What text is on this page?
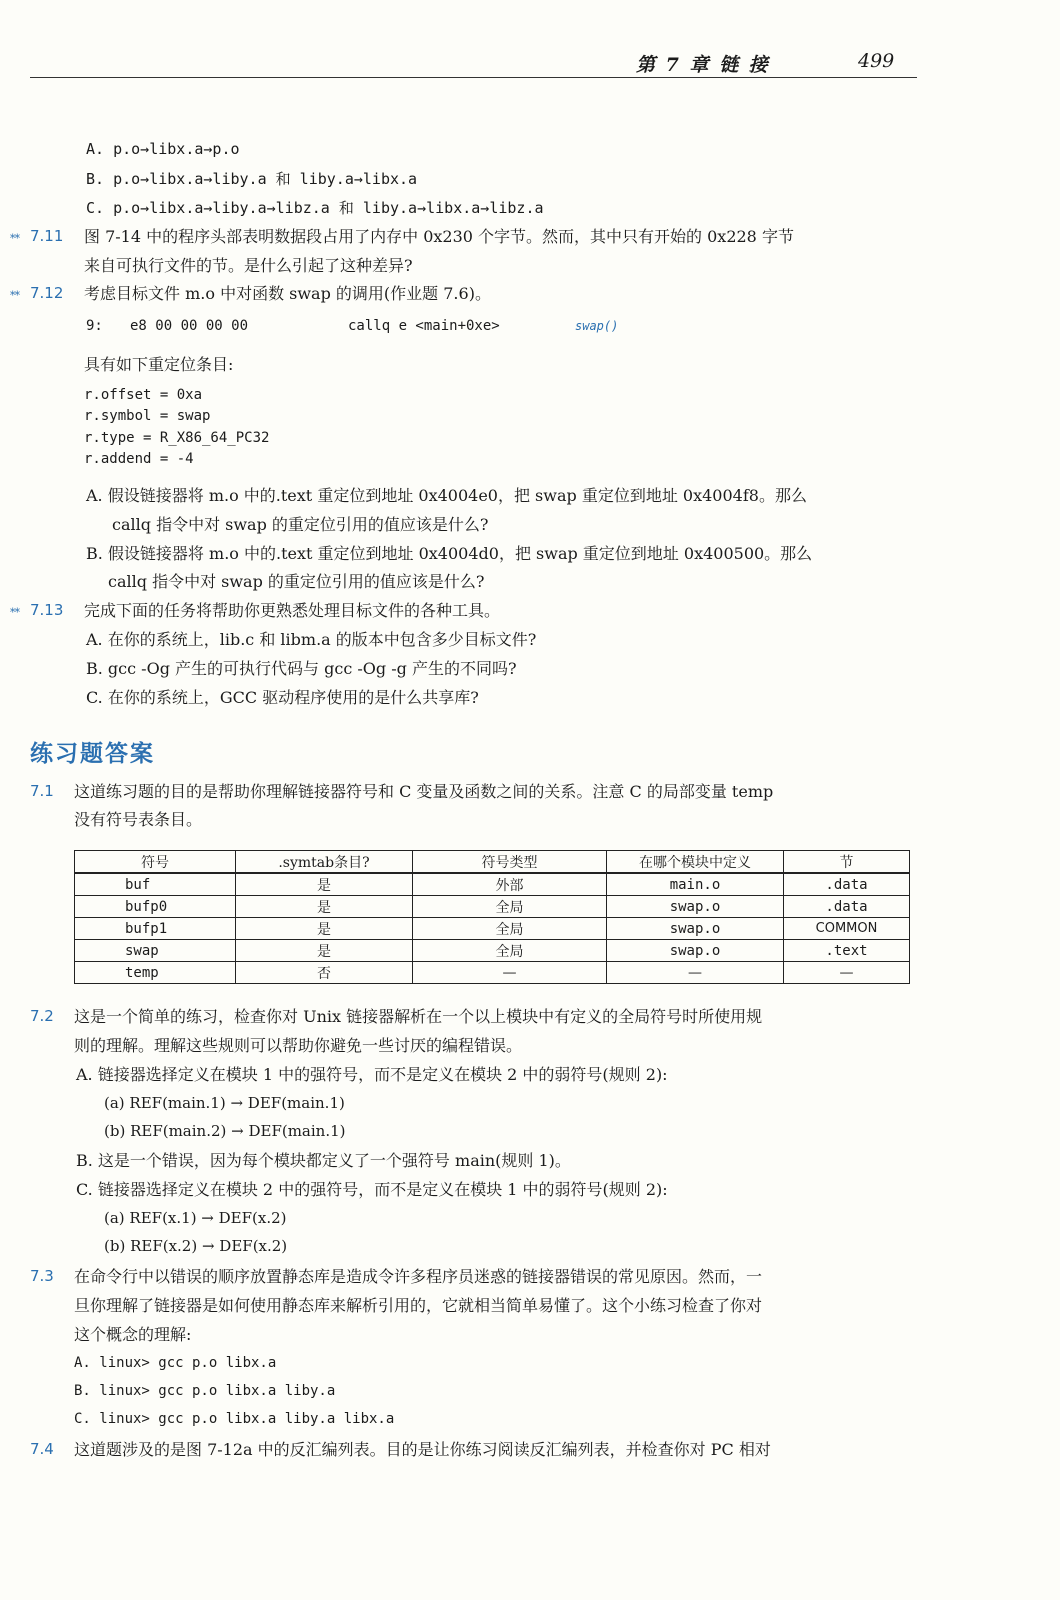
第 7 章 链 接	499
A. p.o→libx.a→p.o
B. p.o→libx.a→liby.a 和 liby.a→libx.a
C. p.o→libx.a→liby.a→libz.a 和 liby.a→libx.a→libz.a
** 7.11 图 7-14 中的程序头部表明数据段占用了内存中 0x230 个字节。然而，其中只有开始的 0x228 字节
来自可执行文件的节。是什么引起了这种差异?
** 7.12 考虑目标文件 m.o 中对函数 swap 的调用(作业题 7.6)。
9: e8 00 00 00 00	callq e <main+0xe>	swap()
具有如下重定位条目:
r.offset = 0xa
r.symbol = swap
r.type = R_X86_64_PC32
r.addend = -4
A. 假设链接器将 m.o 中的.text 重定位到地址 0x4004e0，把 swap 重定位到地址 0x4004f8。那么
callq 指令中对 swap 的重定位引用的值应该是什么?
B. 假设链接器将 m.o 中的.text 重定位到地址 0x4004d0，把 swap 重定位到地址 0x400500。那么
callq 指令中对 swap 的重定位引用的值应该是什么?
** 7.13 完成下面的任务将帮助你更熟悉处理目标文件的各种工具。
A. 在你的系统上，lib.c 和 libm.a 的版本中包含多少目标文件?
B. gcc -Og 产生的可执行代码与 gcc -Og -g 产生的不同吗?
C. 在你的系统上，GCC 驱动程序使用的是什么共享库?
练习题答案
7.1 这道练习题的目的是帮助你理解链接器符号和 C 变量及函数之间的关系。注意 C 的局部变量 temp
没有符号表条目。
符号	.symtab条目?	符号类型	在哪个模块中定义	节
buf	是	外部	main.o	.data
bufp0	是	全局	swap.o	.data
bufp1	是	全局	swap.o	COMMON
swap	是	全局	swap.o	.text
temp	否	—	—	—
7.2 这是一个简单的练习，检查你对 Unix 链接器解析在一个以上模块中有定义的全局符号时所使用规
则的理解。理解这些规则可以帮助你避免一些讨厌的编程错误。
A. 链接器选择定义在模块 1 中的强符号，而不是定义在模块 2 中的弱符号(规则 2):
(a) REF(main.1) → DEF(main.1)
(b) REF(main.2) → DEF(main.1)
B. 这是一个错误，因为每个模块都定义了一个强符号 main(规则 1)。
C. 链接器选择定义在模块 2 中的强符号，而不是定义在模块 1 中的弱符号(规则 2):
(a) REF(x.1) → DEF(x.2)
(b) REF(x.2) → DEF(x.2)
7.3 在命令行中以错误的顺序放置静态库是造成令许多程序员迷惑的链接器错误的常见原因。然而，一
旦你理解了链接器是如何使用静态库来解析引用的，它就相当简单易懂了。这个小练习检查了你对
这个概念的理解:
A. linux> gcc p.o libx.a
B. linux> gcc p.o libx.a liby.a
C. linux> gcc p.o libx.a liby.a libx.a
7.4 这道题涉及的是图 7-12a 中的反汇编列表。目的是让你练习阅读反汇编列表，并检查你对 PC 相对
